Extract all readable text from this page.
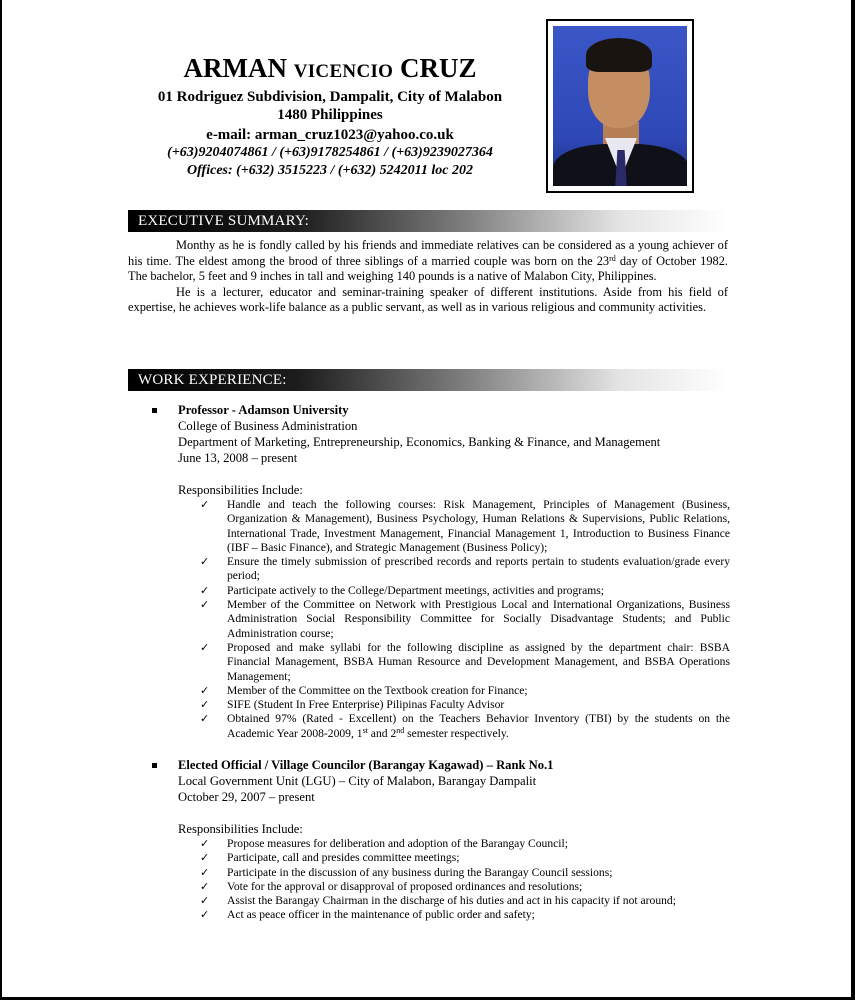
ARMAN VICENCIO CRUZ
01 Rodriguez Subdivision, Dampalit, City of Malabon
1480 Philippines
e-mail: arman_cruz1023@yahoo.co.uk
(+63)9204074861 / (+63)9178254861 / (+63)9239027364
Offices: (+632) 3515223 / (+632) 5242011 loc 202
EXECUTIVE SUMMARY:

Monthy as he is fondly called by his friends and immediate relatives can be considered as a young achiever of his time. The eldest among the brood of three siblings of a married couple was born on the 23rd day of October 1982. The bachelor, 5 feet and 9 inches in tall and weighing 140 pounds is a native of Malabon City, Philippines.

He is a lecturer, educator and seminar-training speaker of different institutions. Aside from his field of expertise, he achieves work-life balance as a public servant, as well as in various religious and community activities.

WORK EXPERIENCE:
Professor - Adamson University
College of Business Administration
Department of Marketing, Entrepreneurship, Economics, Banking & Finance, and Management
June 13, 2008 – present
Responsibilities Include:
✓ Handle and teach the following courses: Risk Management, Principles of Management (Business, Organization & Management), Business Psychology, Human Relations & Supervisions, Public Relations, International Trade, Investment Management, Financial Management 1, Introduction to Business Finance (IBF – Basic Finance), and Strategic Management (Business Policy);
✓ Ensure the timely submission of prescribed records and reports pertain to students evaluation/grade every period;
✓ Participate actively to the College/Department meetings, activities and programs;
✓ Member of the Committee on Network with Prestigious Local and International Organizations, Business Administration Social Responsibility Committee for Socially Disadvantage Students; and Public Administration course;
✓ Proposed and make syllabi for the following discipline as assigned by the department chair: BSBA Financial Management, BSBA Human Resource and Development Management, and BSBA Operations Management;
✓ Member of the Committee on the Textbook creation for Finance;
✓ SIFE (Student In Free Enterprise) Pilipinas Faculty Advisor
✓ Obtained 97% (Rated - Excellent) on the Teachers Behavior Inventory (TBI) by the students on the Academic Year 2008-2009, 1st and 2nd semester respectively.
Elected Official / Village Councilor (Barangay Kagawad) – Rank No.1
Local Government Unit (LGU) – City of Malabon, Barangay Dampalit
October 29, 2007 – present
Responsibilities Include:
✓ Propose measures for deliberation and adoption of the Barangay Council;
✓ Participate, call and presides committee meetings;
✓ Participate in the discussion of any business during the Barangay Council sessions;
✓ Vote for the approval or disapproval of proposed ordinances and resolutions;
✓ Assist the Barangay Chairman in the discharge of his duties and act in his capacity if not around;
✓ Act as peace officer in the maintenance of public order and safety;
